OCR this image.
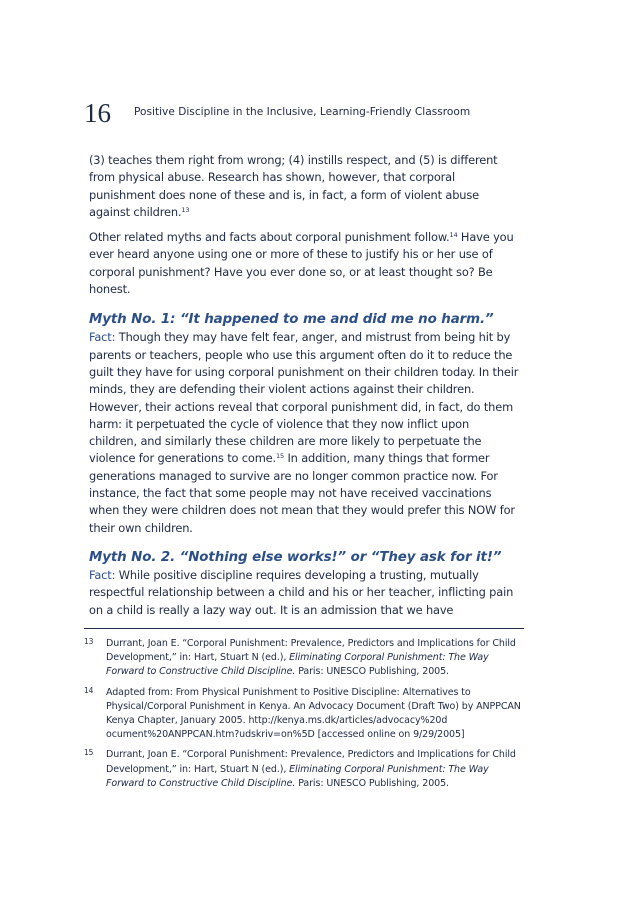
16 Positive Discipline in the Inclusive, Learning-Friendly Classroom

(3) teaches them right from wrong; (4) instills respect, and (5) is different from physical abuse. Research has shown, however, that corporal punishment does none of these and is, in fact, a form of violent abuse against children.$^{13}$

Other related myths and facts about corporal punishment follow.$^{14}$ Have you ever heard anyone using one or more of these to justify his or her use of corporal punishment? Have you ever done so, or at least thought so? Be honest.

Myth No. 1: “It happened to me and did me no harm.”

Fact: Though they may have felt fear, anger, and mistrust from being hit by parents or teachers, people who use this argument often do it to reduce the guilt they have for using corporal punishment on their children today. In their minds, they are defending their violent actions against their children. However, their actions reveal that corporal punishment did, in fact, do them harm: it perpetuated the cycle of violence that they now inflict upon children, and similarly these children are more likely to perpetuate the violence for generations to come.$^{15}$ In addition, many things that former generations managed to survive are no longer common practice now. For instance, the fact that some people may not have received vaccinations when they were children does not mean that they would prefer this NOW for their own children.

Myth No. 2. “Nothing else works!” or “They ask for it!”

Fact: While positive discipline requires developing a trusting, mutually respectful relationship between a child and his or her teacher, inflicting pain on a child is really a lazy way out. It is an admission that we have

13 Durrant, Joan E. “Corporal Punishment: Prevalence, Predictors and Implications for Child Development,” in: Hart, Stuart N (ed.), Eliminating Corporal Punishment: The Way Forward to Constructive Child Discipline. Paris: UNESCO Publishing, 2005.
14 Adapted from: From Physical Punishment to Positive Discipline: Alternatives to Physical/Corporal Punishment in Kenya. An Advocacy Document (Draft Two) by ANPPCAN Kenya Chapter, January 2005. http://kenya.ms.dk/articles/advocacy%20d ocument%20ANPPCAN.htm?udskriv=on%5D [accessed online on 9/29/2005]
15 Durrant, Joan E. “Corporal Punishment: Prevalence, Predictors and Implications for Child Development,” in: Hart, Stuart N (ed.), Eliminating Corporal Punishment: The Way Forward to Constructive Child Discipline. Paris: UNESCO Publishing, 2005.
